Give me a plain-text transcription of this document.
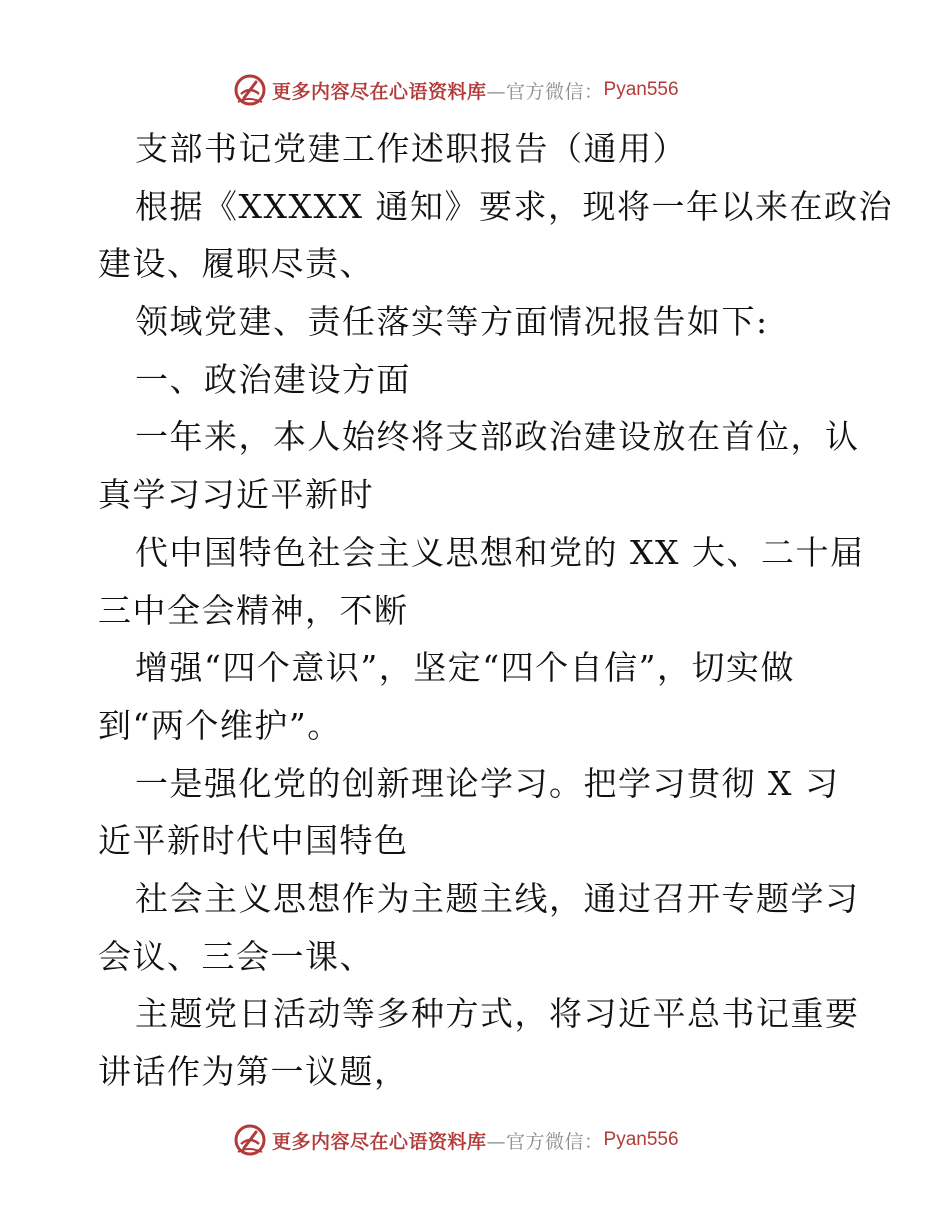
更多内容尽在心语资料库 —官方微信： Pyan556
支部书记党建工作述职报告（通用）
根据《XXXXX 通知》要求，现将一年以来在政治
建设、履职尽责、
领域党建、责任落实等方面情况报告如下:
一、政治建设方面
一年来，本人始终将支部政治建设放在首位，认
真学习习近平新时
代中国特色社会主义思想和党的 XX 大、二十届
三中全会精神，不断
增强“四个意识”，坚定“四个自信”，切实做
到“两个维护”。
一是强化党的创新理论学习。把学习贯彻 X 习
近平新时代中国特色
社会主义思想作为主题主线，通过召开专题学习
会议、三会一课、
主题党日活动等多种方式，将习近平总书记重要
讲话作为第一议题，
更多内容尽在心语资料库 —官方微信： Pyan556
